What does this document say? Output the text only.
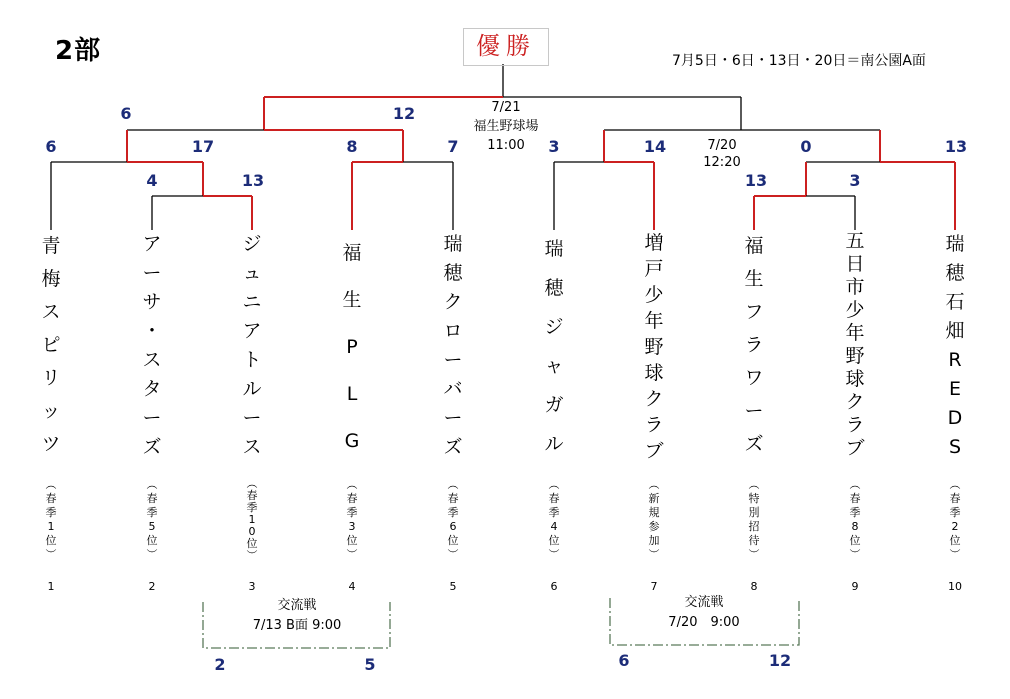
2部	優勝
7月5日・6日・13日・20日＝南公園A面
7/21
福生野球場
11:00	7/20
12:20
6	12
6	17	8	7	3	14	0	13
4	13	13	3
青
梅
ス
ピ
リ
ッ
ツ
︵
春
季
1
位
︶
1
ア
ー
サ
・
ス
タ
ー
ズ
︵
春
季
5
位
︶
2
ジ
ュ
ニ
ア
ト
ル
ー
ス
︵
春
季
1
0
位
︶
3
福
生
P
L
G
︵
春
季
3
位
︶
4
瑞
穂
ク
ロ
ー
バ
ー
ズ
︵
春
季
6
位
︶
5
瑞
穂
ジ
ャ
ガ
ル
︵
春
季
4
位
︶
6
増
戸
少
年
野
球
ク
ラ
ブ
︵
新
規
参
加
︶
7
福
生
フ
ラ
ワ
ー
ズ
︵
特
別
招
待
︶
8
五
日
市
少
年
野
球
ク
ラ
ブ
︵
春
季
8
位
︶
9
瑞
穂
石
畑
R
E
D
S
︵
春
季
2
位
︶
10
交流戦
7/13 B面 9:00
2	5
交流戦
7/20　9:00
6	12
